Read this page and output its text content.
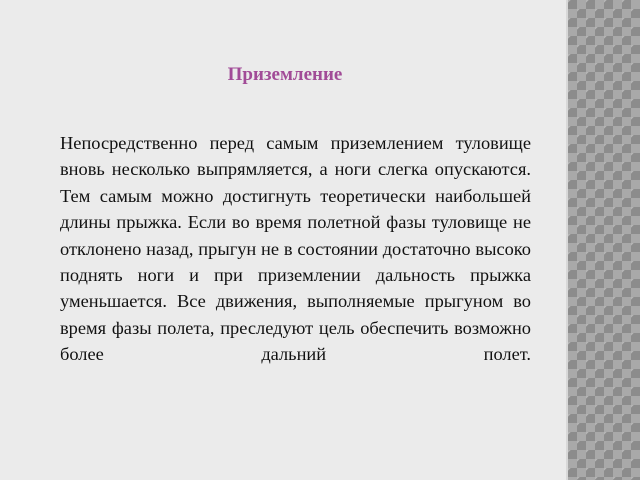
Приземление

Непосредственно перед самым приземлением туловище вновь несколько выпрямляется, а ноги слегка опускаются. Тем самым можно достигнуть теоретически наибольшей длины прыжка. Если во время полетной фазы туловище не отклонено назад, прыгун не в состоянии достаточно высоко поднять ноги и при приземлении дальность прыжка уменьшается. Все движения, выполняемые прыгуном во время фазы полета, преследуют цель обеспечить возможно более дальний полет.
